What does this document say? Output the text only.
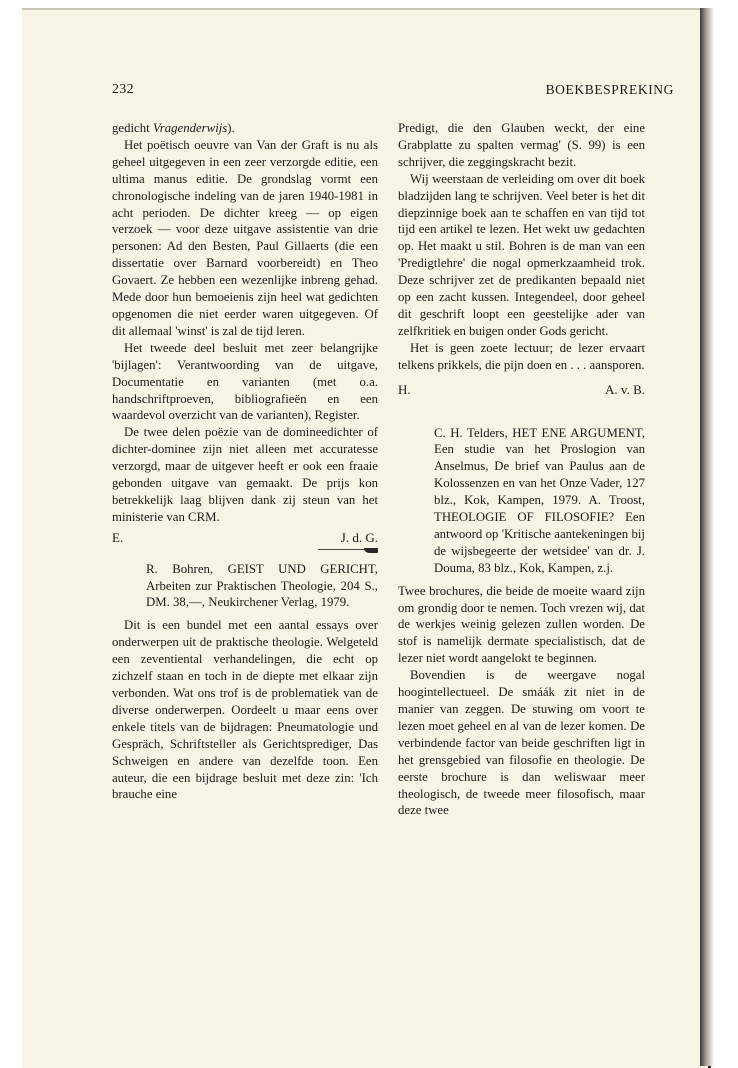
232	BOEKBESPREKING

gedicht Vragenderwijs).

Het poëtisch oeuvre van Van der Graft is nu als geheel uitgegeven in een zeer verzorgde editie, een ultima manus editie. De grondslag vormt een chronologische indeling van de jaren 1940-1981 in acht perioden. De dichter kreeg — op eigen verzoek — voor deze uitgave assistentie van drie personen: Ad den Besten, Paul Gillaerts (die een dissertatie over Barnard voorbereidt) en Theo Govaert. Ze hebben een wezenlijke inbreng gehad. Mede door hun bemoeienis zijn heel wat gedichten opgenomen die niet eerder waren uitgegeven. Of dit allemaal 'winst' is zal de tijd leren.

Het tweede deel besluit met zeer belangrijke 'bijlagen': Verantwoording van de uitgave, Documentatie en varianten (met o.a. handschriftproeven, bibliografieën en een waardevol overzicht van de varianten), Register.

De twee delen poëzie van de domineedichter of dichter-dominee zijn niet alleen met accuratesse verzorgd, maar de uitgever heeft er ook een fraaie gebonden uitgave van gemaakt. De prijs kon betrekkelijk laag blijven dank zij steun van het ministerie van CRM.

E.	J. d. G.

R. Bohren, GEIST UND GERICHT, Arbeiten zur Praktischen Theologie, 204 S., DM. 38,—, Neukirchener Verlag, 1979.

Dit is een bundel met een aantal essays over onderwerpen uit de praktische theologie. Welgeteld een zeventiental verhandelingen, die echt op zichzelf staan en toch in de diepte met elkaar zijn verbonden. Wat ons trof is de problematiek van de diverse onderwerpen. Oordeelt u maar eens over enkele titels van de bijdragen: Pneumatologie und Gespräch, Schriftsteller als Gerichtsprediger, Das Schweigen en andere van dezelfde toon. Een auteur, die een bijdrage besluit met deze zin: 'Ich brauche eine

Predigt, die den Glauben weckt, der eine Grabplatte zu spalten vermag' (S. 99) is een schrijver, die zeggingskracht bezit.

Wij weerstaan de verleiding om over dit boek bladzijden lang te schrijven. Veel beter is het dit diepzinnige boek aan te schaffen en van tijd tot tijd een artikel te lezen. Het wekt uw gedachten op. Het maakt u stil. Bohren is de man van een 'Predigtlehre' die nogal opmerkzaamheid trok. Deze schrijver zet de predikanten bepaald niet op een zacht kussen. Integendeel, door geheel dit geschrift loopt een geestelijke ader van zelfkritiek en buigen onder Gods gericht.

Het is geen zoete lectuur; de lezer ervaart telkens prikkels, die pijn doen en . . . aansporen.

H.	A. v. B.

C. H. Telders, HET ENE ARGUMENT, Een studie van het Proslogion van Anselmus, De brief van Paulus aan de Kolossenzen en van het Onze Vader, 127 blz., Kok, Kampen, 1979. A. Troost, THEOLOGIE OF FILOSOFIE? Een antwoord op 'Kritische aantekeningen bij de wijsbegeerte der wetsidee' van dr. J. Douma, 83 blz., Kok, Kampen, z.j.

Twee brochures, die beide de moeite waard zijn om grondig door te nemen. Toch vrezen wij, dat de werkjes weinig gelezen zullen worden. De stof is namelijk dermate specialistisch, dat de lezer niet wordt aangelokt te beginnen.

Bovendien is de weergave nogal hoogintellectueel. De smáák zit niet in de manier van zeggen. De stuwing om voort te lezen moet geheel en al van de lezer komen. De verbindende factor van beide geschriften ligt in het grensgebied van filosofie en theologie. De eerste brochure is dan weliswaar meer theologisch, de tweede meer filosofisch, maar deze twee
